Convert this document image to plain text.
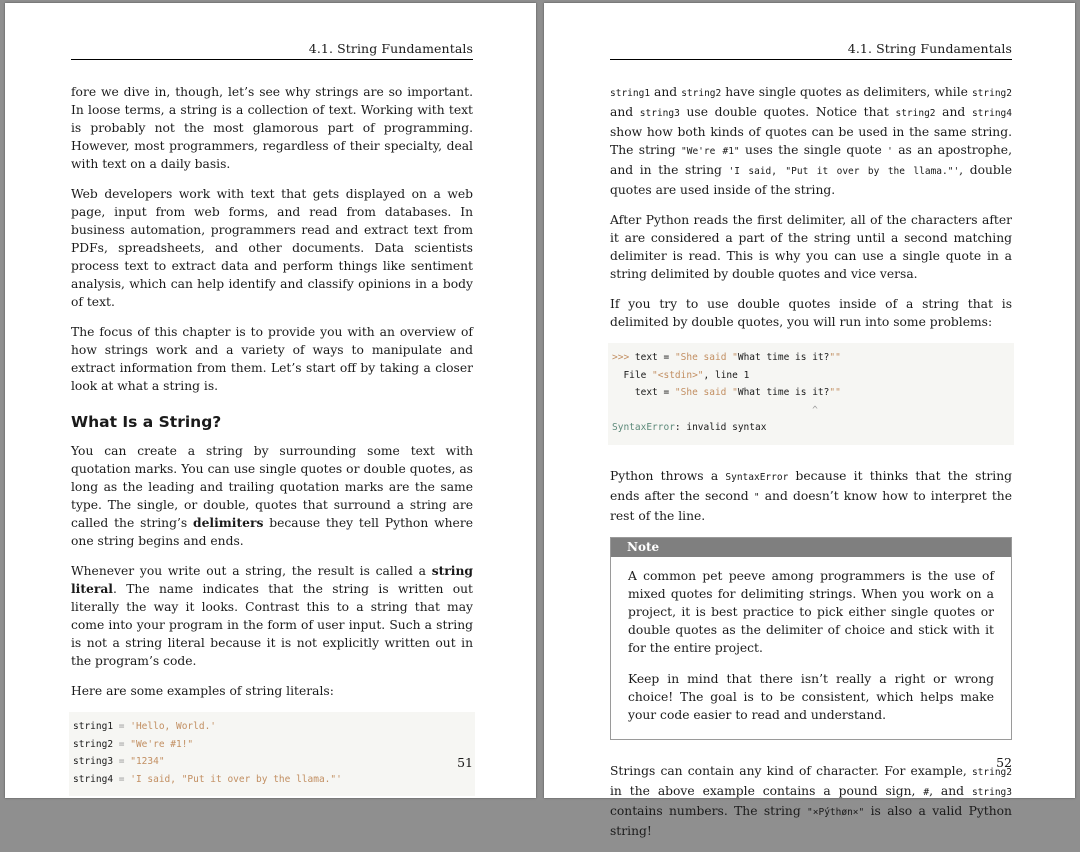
4.1. String Fundamentals

fore we dive in, though, let’s see why strings are so important. In loose terms, a string is a collection of text. Working with text is probably not the most glamorous part of programming. However, most programmers, regardless of their specialty, deal with text on a daily basis.

Web developers work with text that gets displayed on a web page, input from web forms, and read from databases. In business automation, programmers read and extract text from PDFs, spreadsheets, and other documents. Data scientists process text to extract data and perform things like sentiment analysis, which can help identify and classify opinions in a body of text.

The focus of this chapter is to provide you with an overview of how strings work and a variety of ways to manipulate and extract information from them. Let’s start off by taking a closer look at what a string is.

What Is a String?

You can create a string by surrounding some text with quotation marks. You can use single quotes or double quotes, as long as the leading and trailing quotation marks are the same type. The single, or double, quotes that surround a string are called the string’s delimiters because they tell Python where one string begins and ends.

Whenever you write out a string, the result is called a string literal. The name indicates that the string is written out literally the way it looks. Contrast this to a string that may come into your program in the form of user input. Such a string is not a string literal because it is not explicitly written out in the program’s code.

Here are some examples of string literals:

string1 = 'Hello, World.'
string2 = "We're #1!"
string3 = "1234"
string4 = 'I said, "Put it over by the llama."'
51
4.1. String Fundamentals

string1 and string2 have single quotes as delimiters, while string2 and string3 use double quotes. Notice that string2 and string4 show how both kinds of quotes can be used in the same string. The string "We're #1" uses the single quote ' as an apostrophe, and in the string 'I said, "Put it over by the llama."', double quotes are used inside of the string.

After Python reads the first delimiter, all of the characters after it are considered a part of the string until a second matching delimiter is read. This is why you can use a single quote in a string delimited by double quotes and vice versa.

If you try to use double quotes inside of a string that is delimited by double quotes, you will run into some problems:

>>> text = "She said "What time is it?""
File "<stdin>", line 1
text = "She said "What time is it?""
^
SyntaxError: invalid syntax

Python throws a SyntaxError because it thinks that the string ends after the second " and doesn’t know how to interpret the rest of the line.

Note

A common pet peeve among programmers is the use of mixed quotes for delimiting strings. When you work on a project, it is best practice to pick either single quotes or double quotes as the delimiter of choice and stick with it for the entire project.

Keep in mind that there isn’t really a right or wrong choice! The goal is to be consistent, which helps make your code easier to read and understand.

Strings can contain any kind of character. For example, string2 in the above example contains a pound sign, #, and string3 contains numbers. The string "×Pýthøn×" is also a valid Python string!

52
